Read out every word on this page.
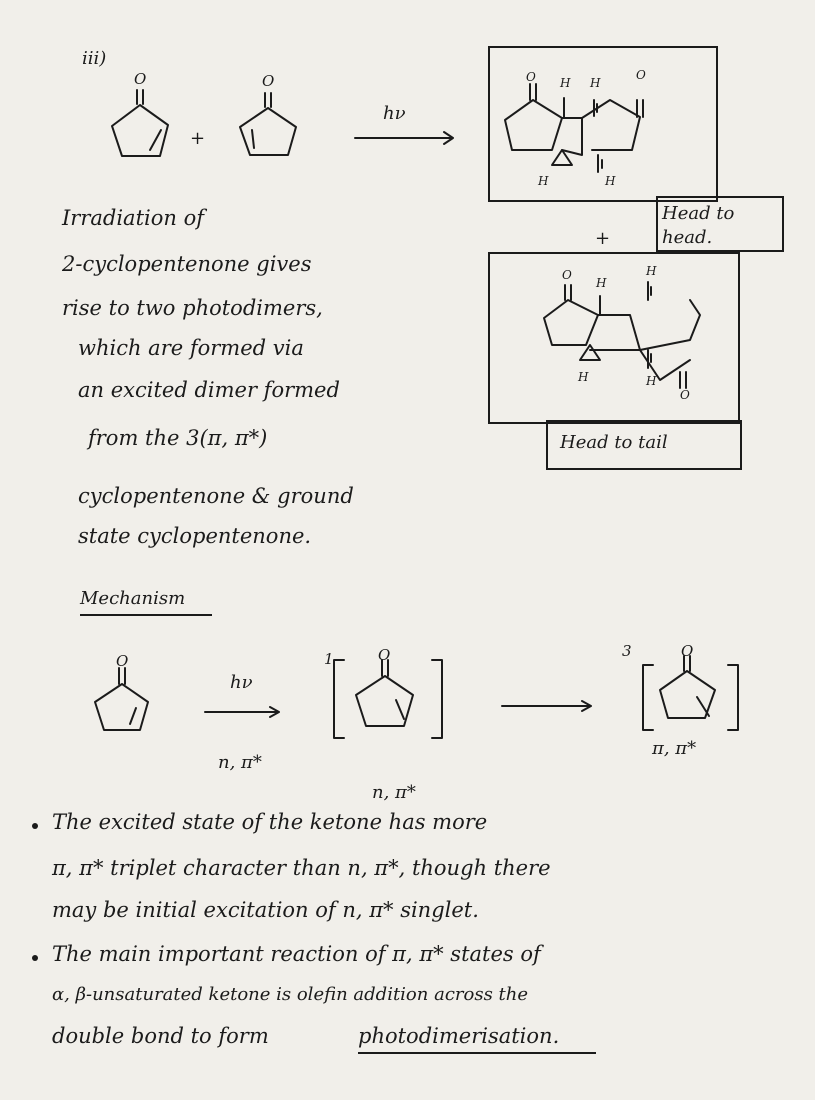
iii)
O
+
O
hν
O H H
O
H	H
Head to head.
+
O
H
H
H	H
O
Head to tail
Irradiation of
2-cyclopentenone gives
rise to two photodimers,
which are formed via
an excited dimer formed
from the 3(π, π*)
cyclopentenone & ground
state cyclopentenone.
Mechanism
O
hν
n, π*
1	O
n, π*
3	O
π, π*
The excited state of the ketone has more
π, π* triplet character than n, π*, though there
may be initial excitation of n, π* singlet.
The main important reaction of π, π* states of
α, β-unsaturated ketone is olefin addition across the
double bond to form	photodimerisation.
